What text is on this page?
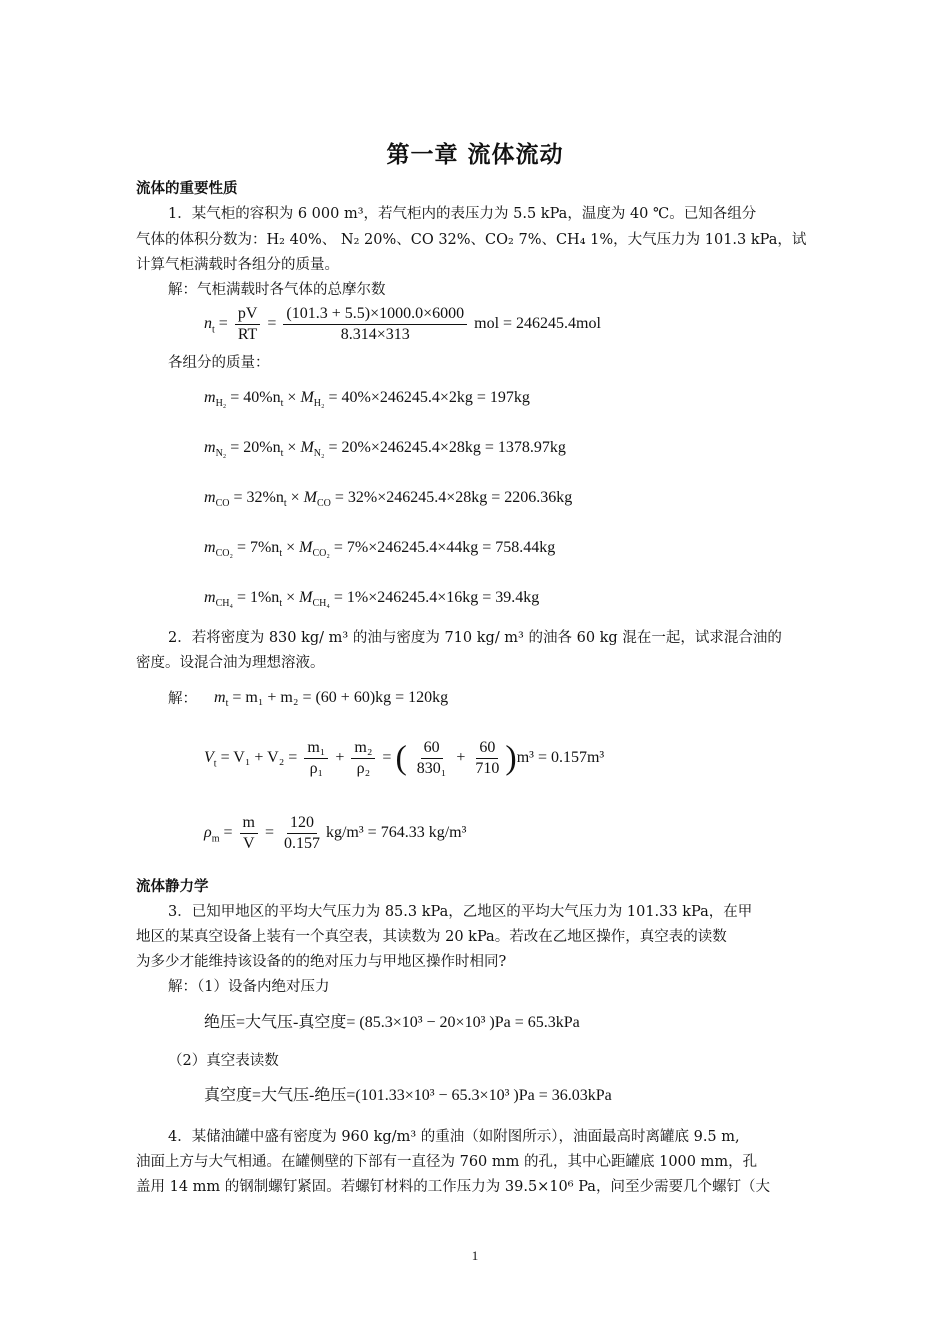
第一章 流体流动
流体的重要性质
1．某气柜的容积为 6 000 m³，若气柜内的表压力为 5.5 kPa，温度为 40 ℃。已知各组分
气体的体积分数为：H₂ 40%、 N₂ 20%、CO 32%、CO₂ 7%、CH₄ 1%，大气压力为 101.3 kPa，试
计算气柜满载时各组分的质量。
解：气柜满载时各气体的总摩尔数
$n_t = \frac{pV}{RT} = \frac{(101.3 + 5.5)\times 1000.0\times 6000}{8.314\times 313}$ mol = 246245.4mol
各组分的质量：
$m_{H_2} = 40\%n_t \times M_{H_2} = 40\%\times 246245.4\times 2kg = 197kg$
$m_{N_2} = 20\%n_t \times M_{N_2} = 20\%\times 246245.4\times 28kg = 1378.97kg$
$m_{CO} = 32\%n_t \times M_{CO} = 32\%\times 246245.4\times 28kg = 2206.36kg$
$m_{CO_2} = 7\%n_t \times M_{CO_2} = 7\%\times 246245.4\times 44kg = 758.44kg$
$m_{CH_4} = 1\%n_t \times M_{CH_4} = 1\%\times 246245.4\times 16kg = 39.4kg$
2．若将密度为 830 kg/ m³ 的油与密度为 710 kg/ m³ 的油各 60 kg 混在一起，试求混合油的
密度。设混合油为理想溶液。
解： $m_t = m_1 + m_2 = (60 + 60)kg = 120kg$
$V_t = V_1 + V_2 = \frac{\text{m₁}}{\text{ρ₁}} + \frac{\text{m₂}}{\text{ρ₂}}$ = ( $\frac{60}{\text{830₁}} + \frac{60}{710} )m^3 = 0.157m^3$
$\rho_m = \frac{m}{V} = \frac{120}{0.157} kg/m^3 = 764.33$ kg/m³
流体静力学
3．已知甲地区的平均大气压力为 85.3 kPa，乙地区的平均大气压力为 101.33 kPa，在甲
地区的某真空设备上装有一个真空表，其读数为 20 kPa。若改在乙地区操作，真空表的读数
为多少才能维持该设备的的绝对压力与甲地区操作时相同?
解：（1）设备内绝对压力
绝压=大气压-真空度= (85.3×10³ − 20×10³ )Pa = 65.3kPa
（2）真空表读数
真空度=大气压-绝压=(101.33×10³ − 65.3×10³ )Pa = 36.03kPa
4．某储油罐中盛有密度为 960 kg/m³ 的重油（如附图所示），油面最高时离罐底 9.5 m,
油面上方与大气相通。在罐侧壁的下部有一直径为 760 mm 的孔，其中心距罐底 1000 mm，孔
盖用 14 mm 的钢制螺钉紧固。若螺钉材料的工作压力为 39.5×10⁶ Pa，问至少需要几个螺钉（大
1
